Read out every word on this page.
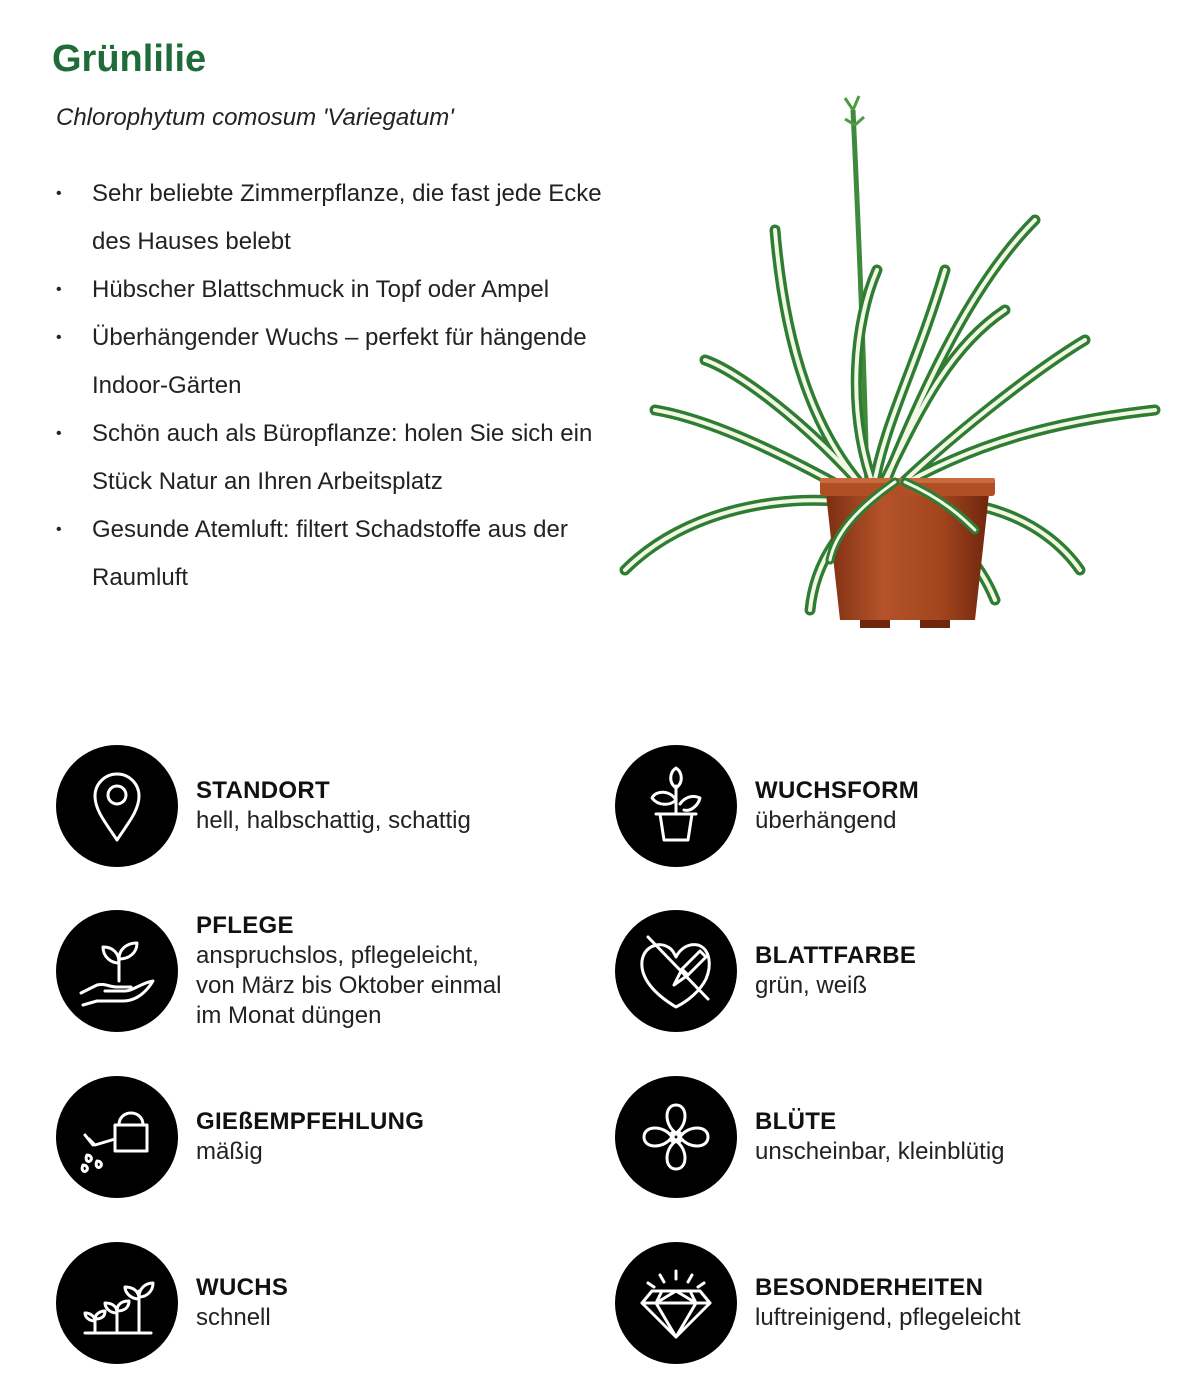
Grünlilie

Chlorophytum comosum 'Variegatum'

• Sehr beliebte Zimmerpflanze, die fast jede Ecke des Hauses belebt
• Hübscher Blattschmuck in Topf oder Ampel
• Überhängender Wuchs – perfekt für hängende Indoor-Gärten
• Schön auch als Büropflanze: holen Sie sich ein Stück Natur an Ihren Arbeitsplatz
• Gesunde Atemluft: filtert Schadstoffe aus der Raumluft
STANDORT
hell, halbschattig, schattig
WUCHSFORM
überhängend
PFLEGE
anspruchslos, pflegeleicht,
von März bis Oktober einmal
im Monat düngen
BLATTFARBE
grün, weiß
GIEßEMPFEHLUNG
mäßig
BLÜTE
unscheinbar, kleinblütig
WUCHS
schnell
BESONDERHEITEN
luftreinigend, pflegeleicht
